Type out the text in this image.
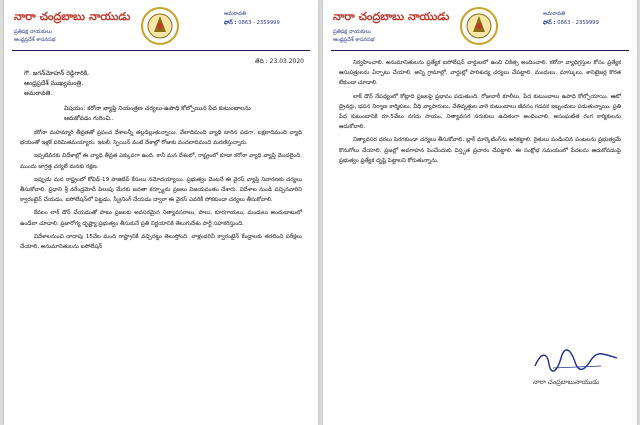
నారా చంద్రబాబు నాయుడు
ప్రతిపక్ష నాయకులు
ఆంధ్రప్రదేశ్ శాసనసభ
అమరావతి
ఫోన్ : 0863 - 2359999
తేది : 23.03.2020
గౌ. జగన్‌మోహన్ రెడ్డిగారికి,
ఆంధ్రప్రదేశ్ ముఖ్యమంత్రి,
అమరావతి.
విషయం: కరోనా వ్యాప్తి నియంత్రణ చర్యలు-ఉపాధి కోల్పోయిన పేద కుటుంబాలను ఆదుకోవడం గురించి..

కరోనా మహమ్మారి తీవ్రతతో ప్రపంచ దేశాలన్నీ తల్లడిల్లుతున్నాయి. వేలాదిమంది వ్యాధి బారిన పడగా, లక్షలాదిమంది వ్యాధి భయంతో ఇళ్లకే పరిమితమయ్యారు. ఇటలీ, స్పెయిన్ వంటి దేశాల్లో రోజుకు వందలాదిమంది మరణిస్తున్నారు.

ఇప్పటివరకు విదేశాల్లో ఈ వ్యాధి తీవ్రత ఎక్కువగా ఉంది. కానీ మన దేశంలో, రాష్ట్రంలో కూడా కరోనా వ్యాధి వ్యాప్తి మొదలైంది. ముందు జాగ్రత్త చర్యలే మనకు రక్షణ.

ఇప్పుడు మన రాష్ట్రంలో కోవిడ్-19 పాజిటివ్ కేసులు నమోదయ్యాయి. ప్రభుత్వం వెంటనే ఈ వైరస్ వ్యాప్తి నివారణకు చర్యలు తీసుకోవాలి. ప్రధాని శ్రీ నరేంద్రమోదీ పిలుపు మేరకు జనతా కర్ఫ్యూను ప్రజలు విజయవంతం చేశారు. విదేశాల నుండి వచ్చినవారిని క్వారంటైన్ చేయడం, ఐసోలేషన్‌లో పెట్టడం, స్క్రీనింగ్ చేయడం ద్వారా ఈ వైరస్ ఎవరికీ సోకకుండా చర్యలు తీసుకోవాలి.

కేవలం లాక్ డౌన్ చేయడంతో పాటు ప్రజలకు అవసరమైన నిత్యావసరాలు, పాలు, కూరగాయలు, మందులు అందుబాటులో ఉండేలా చూడాలి. ప్రజారోగ్య దృష్ట్యా ప్రభుత్వం తీసుకునే ప్రతి నిర్ణయానికి తెలుగుదేశం పార్టీ సహకరిస్తుంది.

విదేశాలనుంచి దాదాపు 15వేల మంది రాష్ట్రానికి వచ్చినట్టు తెలుస్తోంది. వాళ్లందరినీ క్వారంటైన్ కేంద్రాలకు తరలించి పరీక్షలు చేయాలి, అనుమానితులను ఐసోలేషన్

నారా చంద్రబాబు నాయుడు
ప్రతిపక్ష నాయకులు
ఆంధ్రప్రదేశ్ శాసనసభ
అమరావతి
ఫోన్ : 0863 - 2359999

నిర్వహించాలి. అనుమానితులను ప్రత్యేక ఐసోలేషన్ వార్డులలో ఉంచి చికిత్స అందించాలి. కరోనా వ్యాధిగ్రస్తుల కోసం ప్రత్యేక ఆసుపత్రులను ఏర్పాటు చేయాలి. అన్ని గ్రామాల్లో, వార్డుల్లో పారిశుద్య చర్యలు చేపట్టాలి. మందులు, మాస్కులు, శానిటైజర్ల కొరత లేకుండా చూడాలి.

లాక్ డౌన్ నేపథ్యంలో కోట్లాది ప్రజలపై ప్రభావం పడుతుంది. రోజువారీ కూలీలు, పేద కుటుంబాలు ఉపాధి కోల్పోయాయి. ఆటో డ్రైవర్లు, భవన నిర్మాణ కార్మికులు, వీధి వ్యాపారులు, చేతివృత్తుల వారి కుటుంబాలు జీవనం గడవక ఇబ్బందులు పడుతున్నాయి. ప్రతి పేద కుటుంబానికి రూ.5వేలు నగదు సాయం, నిత్యావసర సరుకులు ఉచితంగా అందించాలి. అసంఘటిత రంగ కార్మికులను ఆదుకోవాలి.

నిత్యావసర ధరలు పెరగకుండా చర్యలు తీసుకోవాలి. బ్లాక్ మార్కెటింగ్‌ను అరికట్టాలి. రైతులు పండించిన పంటలను ప్రభుత్వమే కొనుగోలు చేయాలి. ప్రజల్లో అవగాహన పెంచేందుకు విస్తృత ప్రచారం చేపట్టాలి. ఈ సంక్షోభ సమయంలో పేదలను ఆదుకోవడంపై ప్రభుత్వం ప్రత్యేక దృష్టి పెట్టాలని కోరుతున్నాను.

నారా చంద్రబాబునాయుడు
